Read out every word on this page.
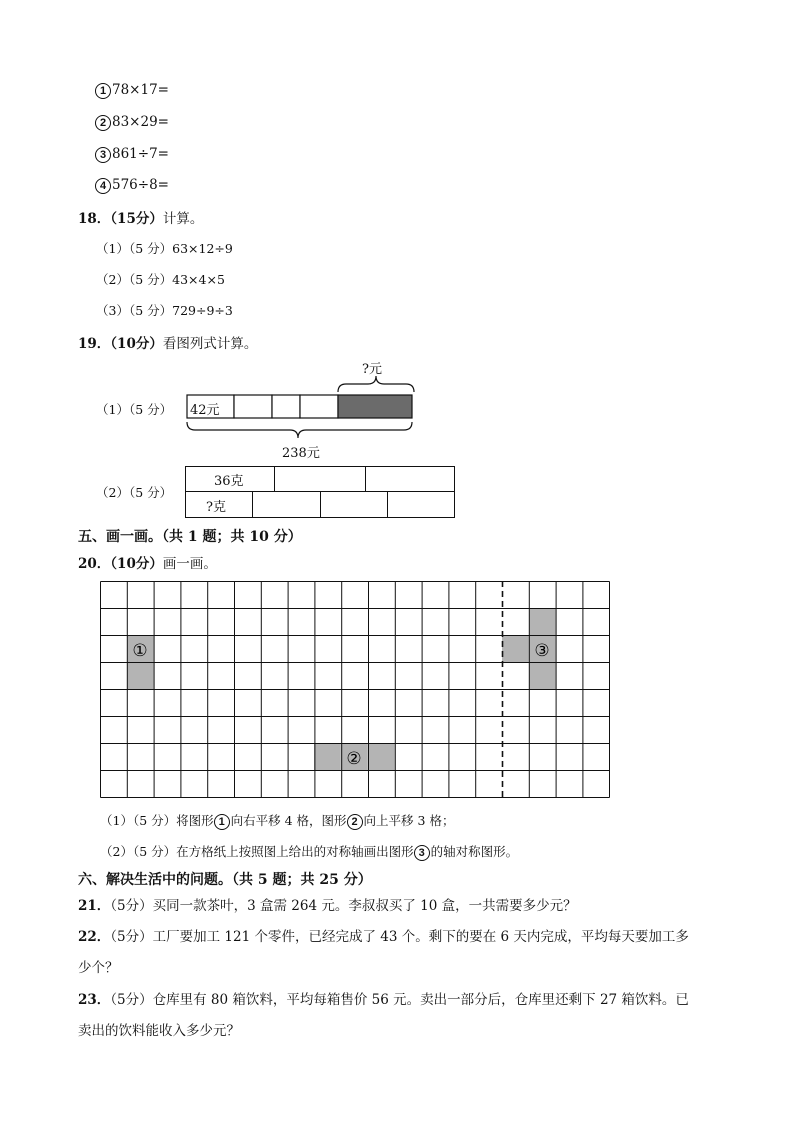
1 78×17=
2 83×29=
3 861÷7=
4 576÷8=
18．（15分）计算。
（1）（5 分）63×12÷9
（2）（5 分）43×4×5
（3）（5 分）729÷9÷3
19．（10分）看图列式计算。
（1）（5 分）
?元
42元
238元
（2）（5 分）
36克
?克
五、画一画。（共 1 题；共 10 分）
20．（10分）画一画。
①
②
③
（1）（5 分）将图形 1 向右平移 4 格，图形 2 向上平移 3 格；
（2）（5 分）在方格纸上按照图上给出的对称轴画出图形 3 的轴对称图形。
六、解决生活中的问题。（共 5 题；共 25 分）
21．（5分）买同一款茶叶，3 盒需 264 元。李叔叔买了 10 盒，一共需要多少元？
22．（5分）工厂要加工 121 个零件，已经完成了 43 个。剩下的要在 6 天内完成，平均每天要加工多
少个？
23．（5分）仓库里有 80 箱饮料，平均每箱售价 56 元。卖出一部分后，仓库里还剩下 27 箱饮料。已
卖出的饮料能收入多少元？
